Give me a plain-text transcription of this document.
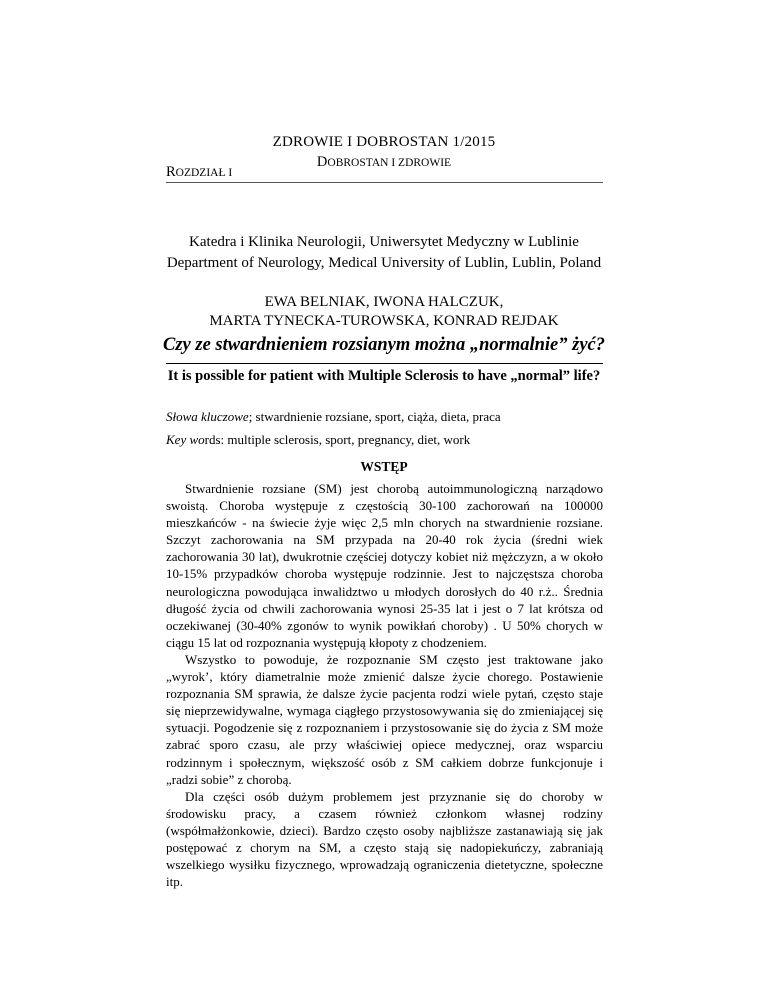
ZDROWIE I DOBROSTAN 1/2015
DOBROSTAN I ZDROWIE
ROZDZIAŁ I
Katedra i Klinika Neurologii, Uniwersytet Medyczny w Lublinie
Department of Neurology, Medical University of Lublin, Lublin, Poland
EWA BELNIAK, IWONA HALCZUK,
MARTA TYNECKA-TUROWSKA, KONRAD REJDAK
Czy ze stwardnieniem rozsianym można „normalnie” żyć?
It is possible for patient with Multiple Sclerosis to have „normal” life?
Słowa kluczowe; stwardnienie rozsiane, sport, ciąża, dieta, praca
Key words: multiple sclerosis, sport, pregnancy, diet, work
WSTĘP

Stwardnienie rozsiane (SM) jest chorobą autoimmunologiczną narządowo swoistą. Choroba występuje z częstością 30-100 zachorowań na 100000 mieszkańców - na świecie żyje więc 2,5 mln chorych na stwardnienie rozsiane. Szczyt zachorowania na SM przypada na 20-40 rok życia (średni wiek zachorowania 30 lat), dwukrotnie częściej dotyczy kobiet niż mężczyzn, a w około 10-15% przypadków choroba występuje rodzinnie. Jest to najczęstsza choroba neurologiczna powodująca inwalidztwo u młodych dorosłych do 40 r.ż.. Średnia długość życia od chwili zachorowania wynosi 25-35 lat i jest o 7 lat krótsza od oczekiwanej (30-40% zgonów to wynik powikłań choroby) . U 50% chorych w ciągu 15 lat od rozpoznania występują kłopoty z chodzeniem.

Wszystko to powoduje, że rozpoznanie SM często jest traktowane jako „wyrok’, który diametralnie może zmienić dalsze życie chorego. Postawienie rozpoznania SM sprawia, że dalsze życie pacjenta rodzi wiele pytań, często staje się nieprzewidywalne, wymaga ciągłego przystosowywania się do zmieniającej się sytuacji. Pogodzenie się z rozpoznaniem i przystosowanie się do życia z SM może zabrać sporo czasu, ale przy właściwiej opiece medycznej, oraz wsparciu rodzinnym i społecznym, większość osób z SM całkiem dobrze funkcjonuje i „radzi sobie” z chorobą.

Dla części osób dużym problemem jest przyznanie się do choroby w środowisku pracy, a czasem również członkom własnej rodziny (współmałżonkowie, dzieci). Bardzo często osoby najbliższe zastanawiają się jak postępować z chorym na SM, a często stają się nadopiekuńczy, zabraniają wszelkiego wysiłku fizycznego, wprowadzają ograniczenia dietetyczne, społeczne itp.
